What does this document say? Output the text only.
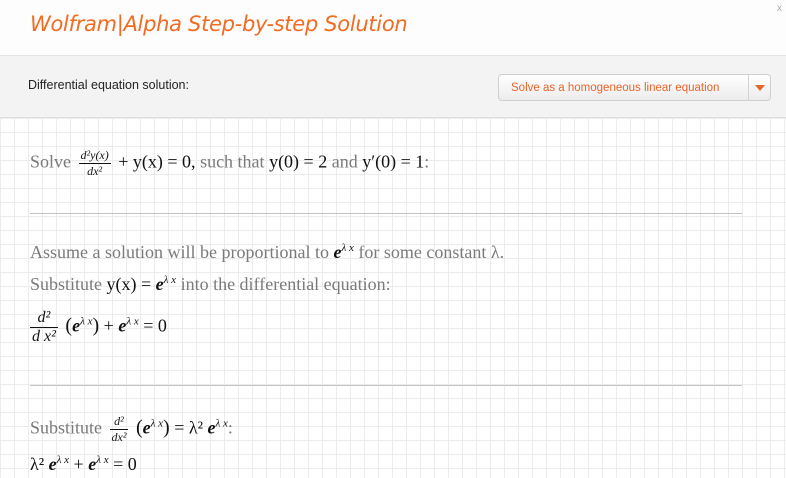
Wolfram|Alpha Step-by-step Solution
x
Differential equation solution:	Solve as a homogeneous linear equation
Solve $\frac{\text{d²y(x)}}{\text{dx²}} + y(x) = 0$, such that y(0) = 2 and y′(0) = 1:
Assume a solution will be proportional to $e^{\lambda x}$ for some constant λ.
Substitute $y(x) = e^{\lambda x}$ into the differential equation:
$\frac{\text{d²}}{\text{d x²}} (e^{\lambda x}) + e^{\lambda x} = 0$
Substitute $\frac{\text{d²}}{\text{dx²}} (e^{\lambda x}) = \lambda^2$ $e^{\lambda x}$:
λ² $e^{\lambda x} + e^{\lambda x} = 0$
